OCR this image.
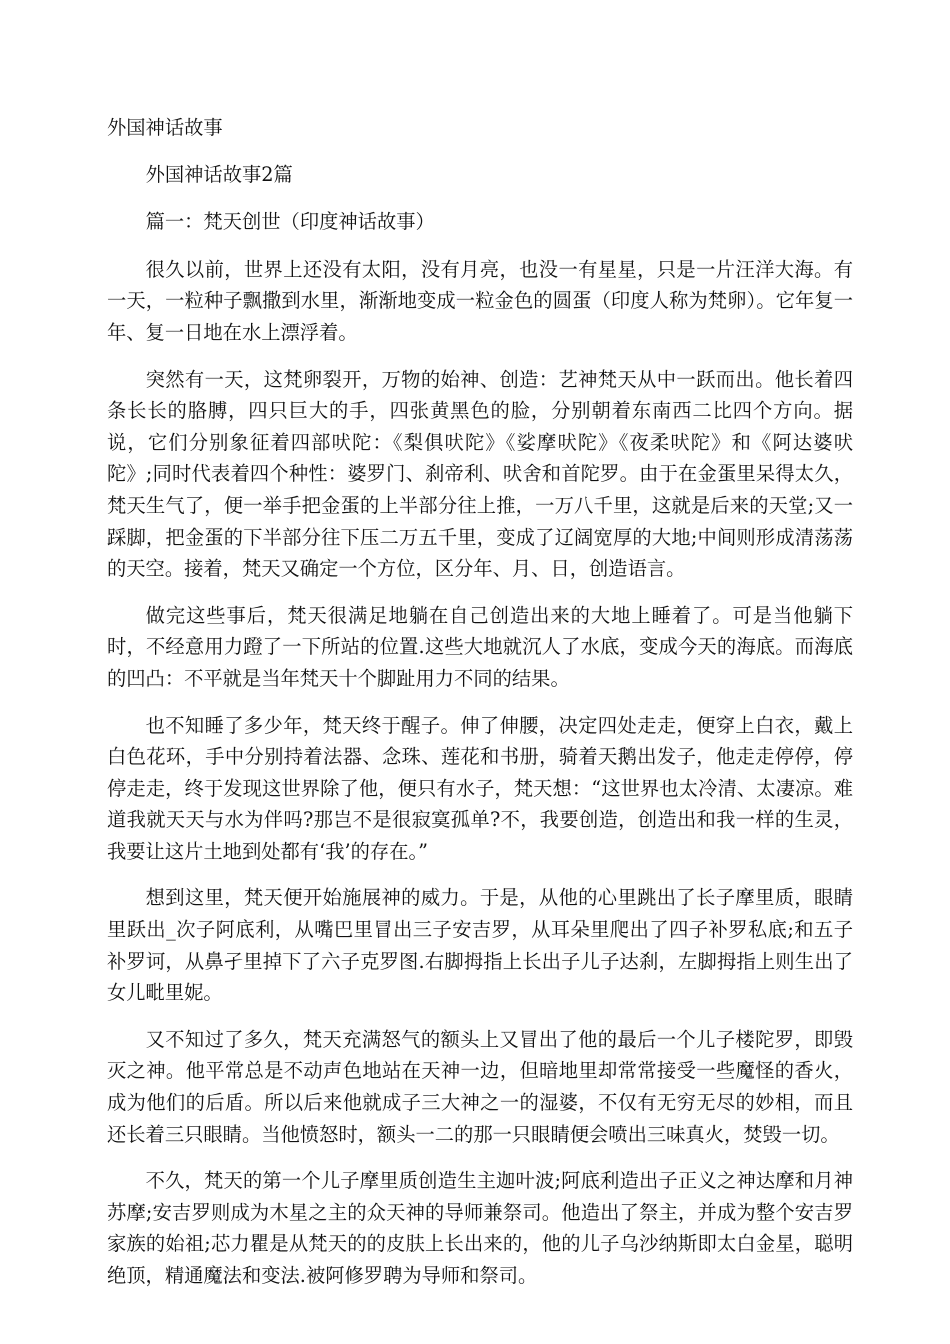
外国神话故事

外国神话故事2篇

篇一：梵天创世（印度神话故事）

很久以前，世界上还没有太阳，没有月亮，也没一有星星，只是一片汪洋大海。有一天，一粒种子飘撒到水里，渐渐地变成一粒金色的圆蛋（印度人称为梵卵）。它年复一年、复一日地在水上漂浮着。

突然有一天，这梵卵裂开，万物的始神、创造：艺神梵天从中一跃而出。他长着四条长长的胳膊，四只巨大的手，四张黄黑色的脸，分别朝着东南西二比四个方向。据说，它们分别象征着四部吠陀：《梨俱吠陀》《娑摩吠陀》《夜柔吠陀》和《阿达婆吠陀》;同时代表着四个种性：婆罗门、刹帝利、吠舍和首陀罗。由于在金蛋里呆得太久，梵天生气了，便一举手把金蛋的上半部分往上推，一万八千里，这就是后来的天堂;又一踩脚，把金蛋的下半部分往下压二万五千里，变成了辽阔宽厚的大地;中间则形成清荡荡的天空。接着，梵天又确定一个方位，区分年、月、日，创造语言。

做完这些事后，梵天很满足地躺在自己创造出来的大地上睡着了。可是当他躺下时，不经意用力蹬了一下所站的位置.这些大地就沉人了水底，变成今天的海底。而海底的凹凸：不平就是当年梵天十个脚趾用力不同的结果。

也不知睡了多少年，梵天终于醒子。伸了伸腰，决定四处走走，便穿上白衣，戴上白色花环，手中分别持着法器、念珠、莲花和书册，骑着天鹅出发子，他走走停停，停停走走，终于发现这世界除了他，便只有水子，梵天想：“这世界也太冷清、太凄凉。难道我就天天与水为伴吗?那岂不是很寂寞孤单?不，我要创造，创造出和我一样的生灵，我要让这片土地到处都有‘我’的存在。”

想到这里，梵天便开始施展神的威力。于是，从他的心里跳出了长子摩里质，眼睛里跃出_次子阿底利，从嘴巴里冒出三子安吉罗，从耳朵里爬出了四子补罗私底;和五子补罗诃，从鼻孑里掉下了六子克罗图.右脚拇指上长出子儿子达刹，左脚拇指上则生出了女儿毗里妮。

又不知过了多久，梵天充满怒气的额头上又冒出了他的最后一个儿子楼陀罗，即毁灭之神。他平常总是不动声色地站在天神一边，但暗地里却常常接受一些魔怪的香火，成为他们的后盾。所以后来他就成子三大神之一的湿婆，不仅有无穷无尽的妙相，而且还长着三只眼睛。当他愤怒时，额头一二的那一只眼睛便会喷出三味真火，焚毁一切。

不久，梵天的第一个儿子摩里质创造生主迦叶波;阿底利造出子正义之神达摩和月神苏摩;安吉罗则成为木星之主的众天神的导师兼祭司。他造出了祭主，并成为整个安吉罗家族的始祖;芯力瞿是从梵天的的皮肤上长出来的，他的儿子乌沙纳斯即太白金星，聪明绝顶，精通魔法和变法.被阿修罗聘为导师和祭司。
